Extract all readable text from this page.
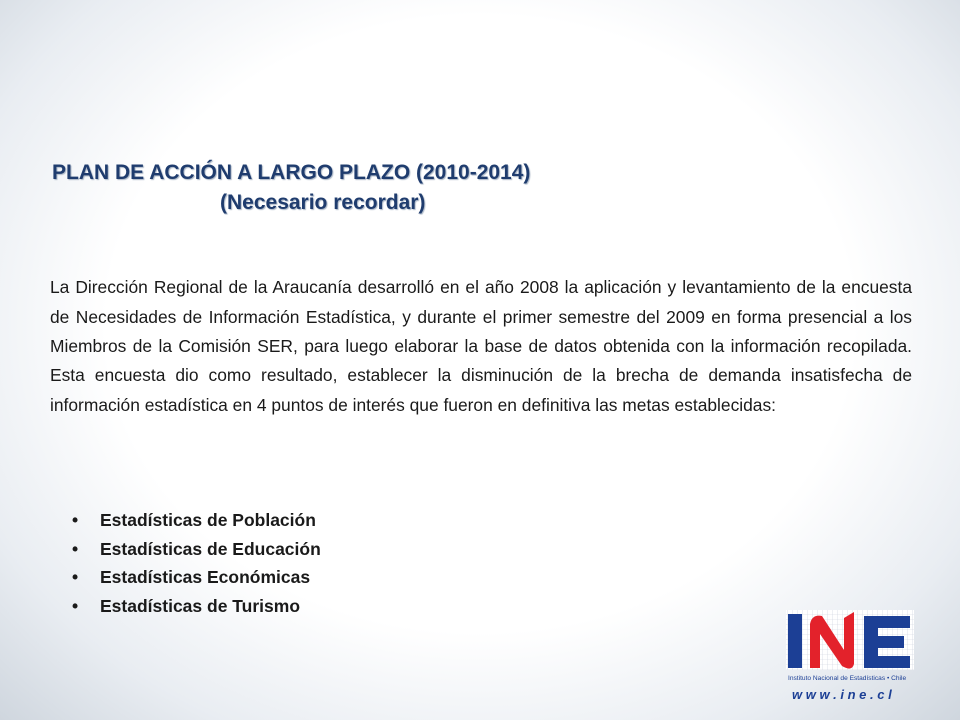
PLAN DE ACCIÓN A LARGO PLAZO (2010-2014)
(Necesario recordar)

La Dirección Regional de la Araucanía desarrolló en el año 2008 la aplicación y levantamiento de la encuesta de Necesidades de Información Estadística, y durante el primer semestre del 2009 en forma presencial a los Miembros de la Comisión SER, para luego elaborar la base de datos obtenida con la información recopilada. Esta encuesta dio como resultado, establecer la disminución de la brecha de demanda insatisfecha de información estadística en 4 puntos de interés que fueron en definitiva las metas establecidas:

• Estadísticas de Población
• Estadísticas de Educación
• Estadísticas Económicas
• Estadísticas de Turismo
Instituto Nacional de Estadísticas • Chile
w w w . i n e . c l
